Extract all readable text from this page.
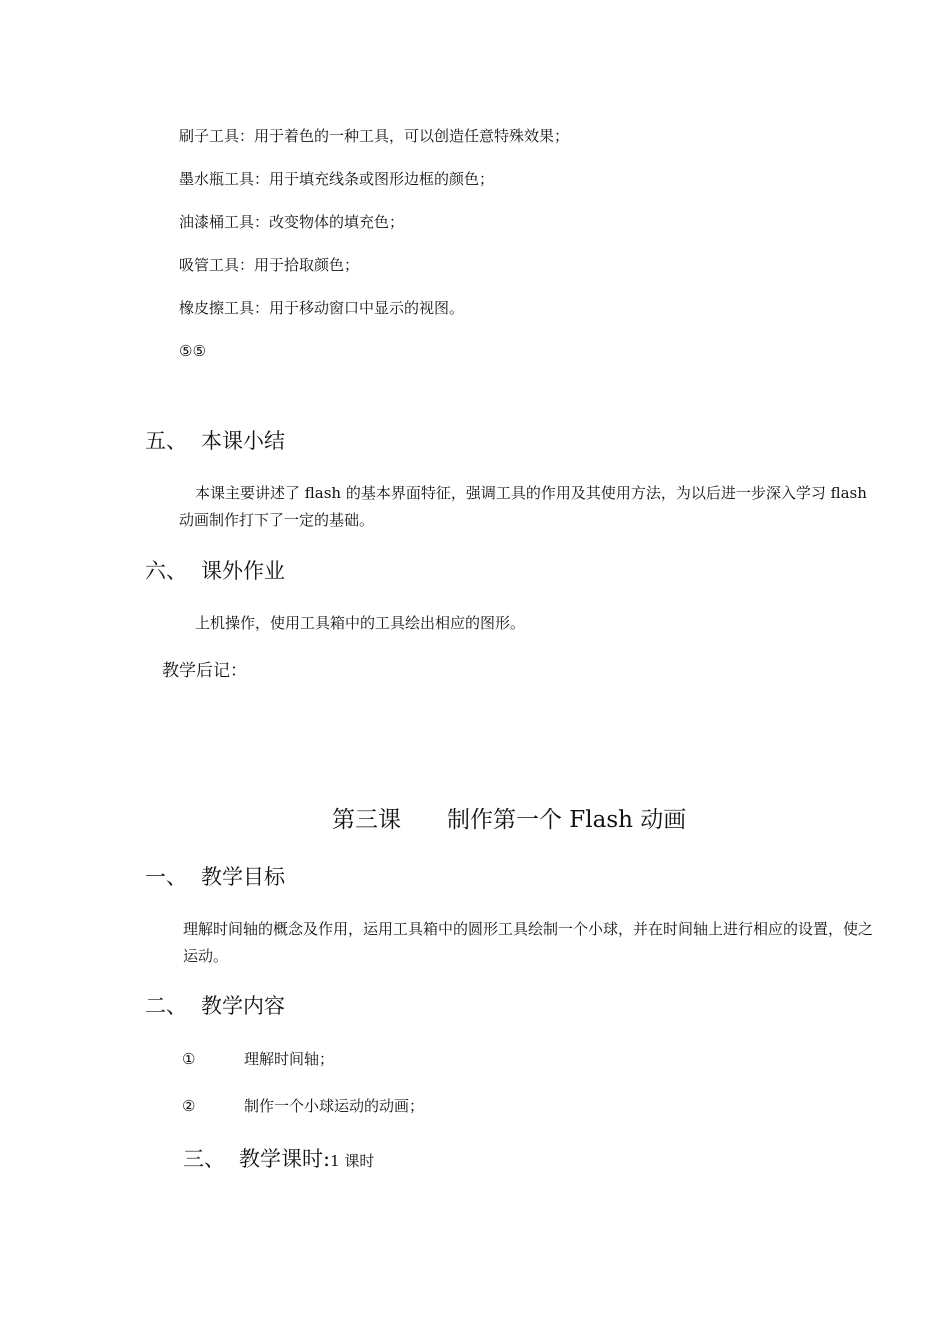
刷子工具：用于着色的一种工具，可以创造任意特殊效果；
墨水瓶工具：用于填充线条或图形边框的颜色；
油漆桶工具：改变物体的填充色；
吸管工具：用于拾取颜色；
橡皮擦工具：用于移动窗口中显示的视图。
⑤⑤
五、 本课小结
本课主要讲述了 flash 的基本界面特征，强调工具的作用及其使用方法，为以后进一步深入学习 flash 动画制作打下了一定的基础。
六、 课外作业
上机操作，使用工具箱中的工具绘出相应的图形。
教学后记：
第三课 制作第一个 Flash 动画
一、 教学目标
理解时间轴的概念及作用，运用工具箱中的圆形工具绘制一个小球，并在时间轴上进行相应的设置，使之运动。
二、 教学内容
①	理解时间轴；
②	制作一个小球运动的动画；
三、 教学课时:1 课时
